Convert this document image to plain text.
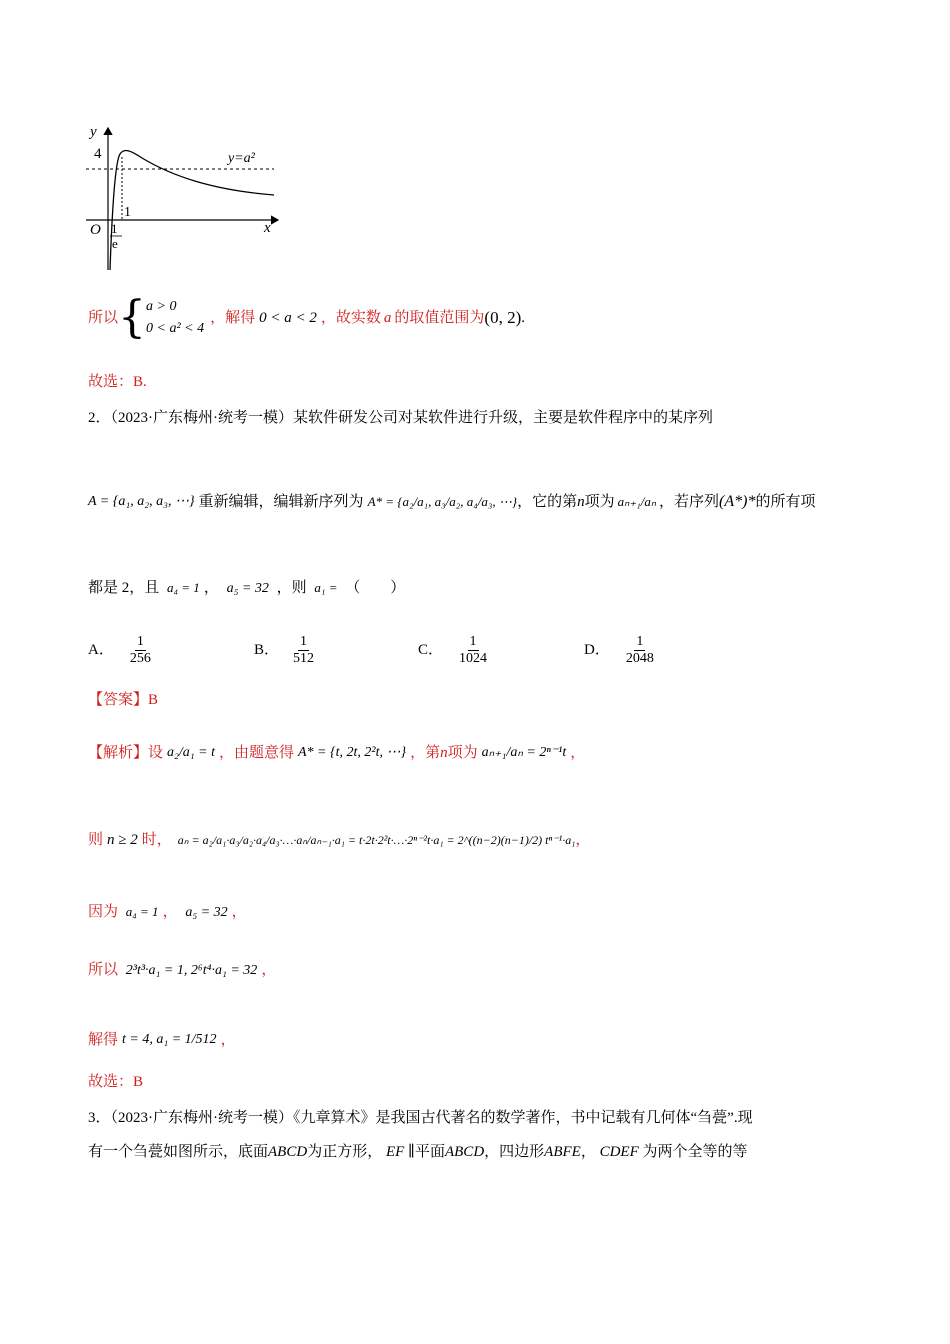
y
x
O
4
1
e
1
y=a²
所以 { a > 0
0 < a² < 4
，解得 0 < a < 2 ，故实数 a 的取值范围为 (0, 2) .
故选：B.
2．（2023·广东梅州·统考一模）某软件研发公司对某软件进行升级，主要是软件程序中的某序列
A = {a₁, a₂, a₃, ⋯} 重新编辑，编辑新序列为 A* = {a₂/a₁, a₃/a₂, a₄/a₃, ⋯} ，它的第 n 项为 aₙ₊₁/aₙ ，若序列 (A*)* 的所有项
都是 2，且 a₄ = 1 ， a₅ = 32 ，则 a₁ = （　　）
A． $\frac{1}{256}$	B． $\frac{1}{512}$	C． $\frac{1}{1024}$	D． $\frac{1}{2048}$
【答案】B
【解析】设 a₂/a₁ = t ，由题意得 A* = {t, 2t, 2²t, ⋯} ，第 n 项为 aₙ₊₁/aₙ = 2ⁿ⁻¹t ，
则 n ≥ 2 时， aₙ = a₂/a₁·a₃/a₂·a₄/a₃·…·aₙ/aₙ₋₁·a₁ = t·2t·2²t·…·2ⁿ⁻²t·a₁ = 2^((n−2)(n−1)/2) tⁿ⁻¹·a₁ ，
因为 a₄ = 1 ， a₅ = 32 ，
所以 2³t³·a₁ = 1, 2⁶t⁴·a₁ = 32 ，
解得 t = 4, a₁ = 1/512 ，
故选：B
3．（2023·广东梅州·统考一模）《九章算术》是我国古代著名的数学著作，书中记载有几何体“刍甍”.现
有一个刍甍如图所示，底面ABCD为正方形， EF ∥平面ABCD，四边形ABFE， CDEF 为两个全等的等
